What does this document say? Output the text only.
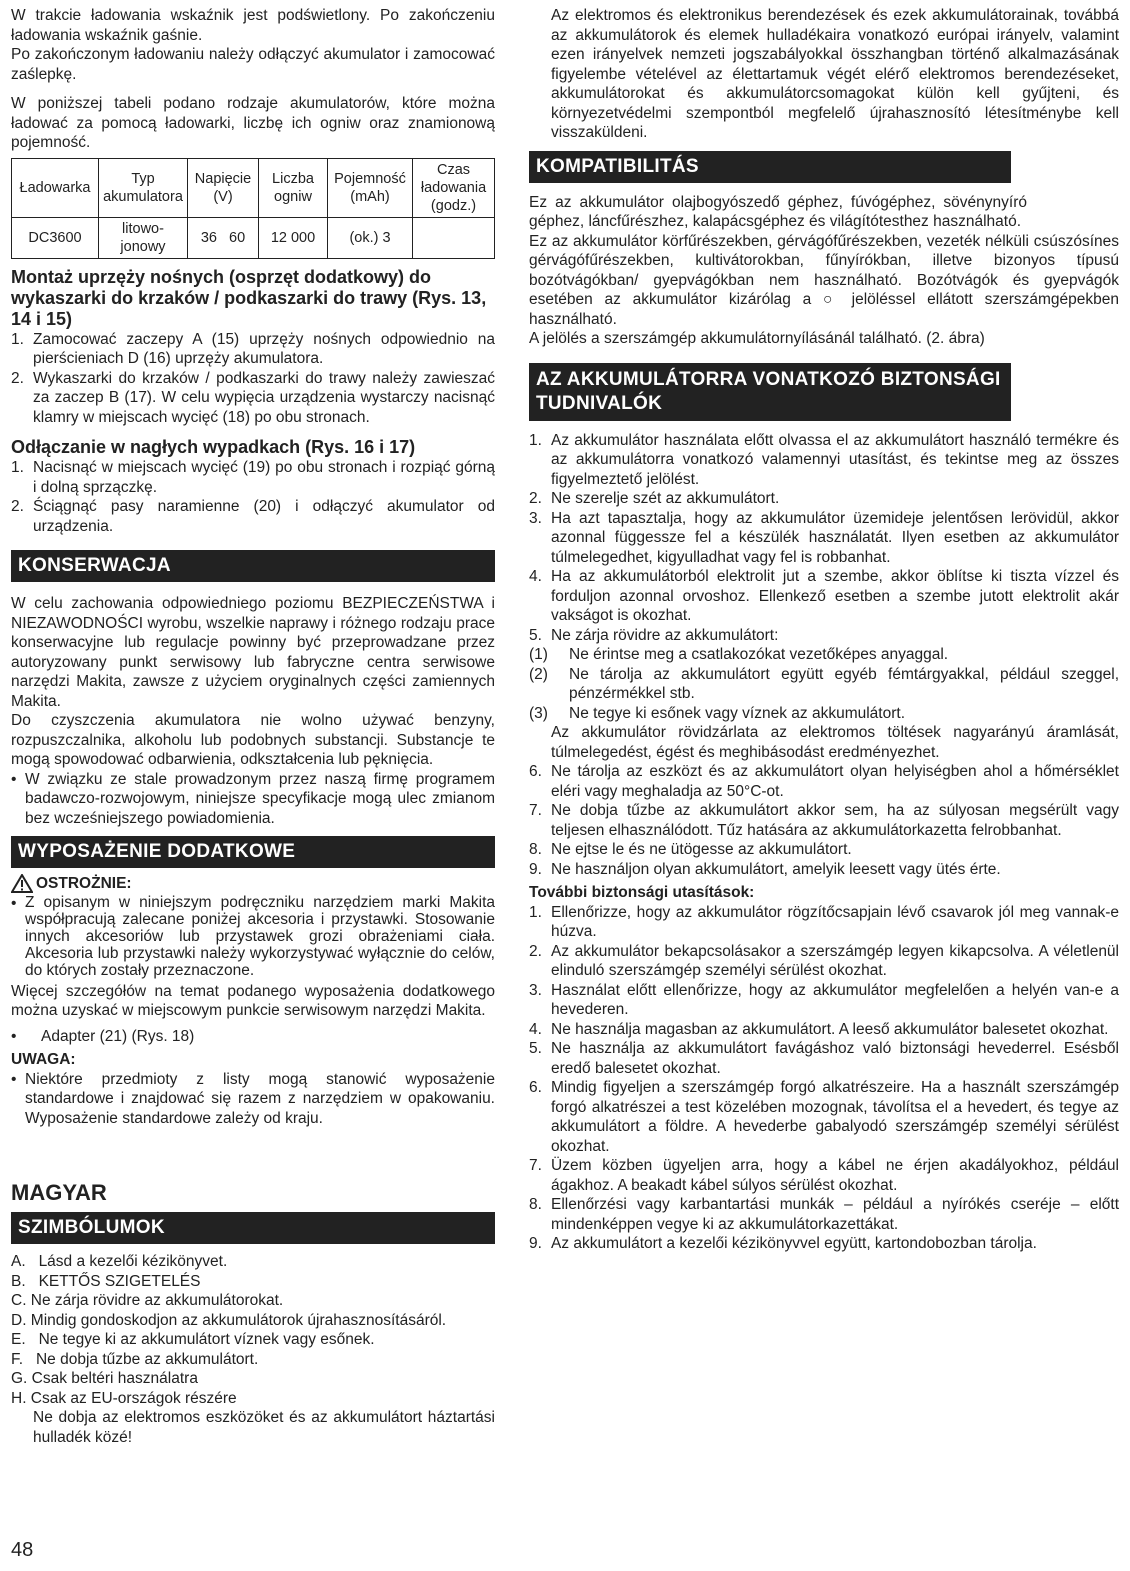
W trakcie ładowania wskaźnik jest podświetlony. Po zakończeniu ładowania wskaźnik gaśnie.

Po zakończonym ładowaniu należy odłączyć akumulator i zamocować zaślepkę.

W poniższej tabeli podano rodzaje akumulatorów, które można ładować za pomocą ładowarki, liczbę ich ogniw oraz znamionową pojemność.

Ładowarka	Typ akumulatora	Napięcie (V)	Liczba ogniw	Pojemność (mAh)	Czas ładowania (godz.)
DC3600	litowo-jonowy	36 60	12 000	(ok.) 3	
Montaż uprzęży nośnych (osprzęt dodatkowy) do wykaszarki do krzaków / podkaszarki do trawy (Rys. 13, 14 i 15)
1. Zamocować zaczepy A (15) uprzęży nośnych odpowiednio na pierścieniach D (16) uprzęży akumulatora.
2. Wykaszarki do krzaków / podkaszarki do trawy należy zawieszać za zaczep B (17). W celu wypięcia urządzenia wystarczy nacisnąć klamry w miejscach wycięć (18) po obu stronach.
Odłączanie w nagłych wypadkach (Rys. 16 i 17)
1. Nacisnąć w miejscach wycięć (19) po obu stronach i rozpiąć górną i dolną sprzączkę.
2. Ściągnąć pasy naramienne (20) i odłączyć akumulator od urządzenia.
KONSERWACJA

W celu zachowania odpowiedniego poziomu BEZPIECZEŃSTWA i NIEZAWODNOŚCI wyrobu, wszelkie naprawy i różnego rodzaju prace konserwacyjne lub regulacje powinny być przeprowadzane przez autoryzowany punkt serwisowy lub fabryczne centra serwisowe narzędzi Makita, zawsze z użyciem oryginalnych części zamiennych Makita.

Do czyszczenia akumulatora nie wolno używać benzyny, rozpuszczalnika, alkoholu lub podobnych substancji. Substancje te mogą spowodować odbarwienia, odkształcenia lub pęknięcia.

• W związku ze stale prowadzonym przez naszą firmę programem badawczo-rozwojowym, niniejsze specyfikacje mogą ulec zmianom bez wcześniejszego powiadomienia.
WYPOSAŻENIE DODATKOWE
OSTROŻNIE:
• Z opisanym w niniejszym podręczniku narzędziem marki Makita współpracują zalecane poniżej akcesoria i przystawki. Stosowanie innych akcesoriów lub przystawek grozi obrażeniami ciała. Akcesoria lub przystawki należy wykorzystywać wyłącznie do celów, do których zostały przeznaczone.

Więcej szczegółów na temat podanego wyposażenia dodatkowego można uzyskać w miejscowym punkcie serwisowym narzędzi Makita.

•	Adapter (21) (Rys. 18)
UWAGA:
• Niektóre przedmioty z listy mogą stanowić wyposażenie standardowe i znajdować się razem z narzędziem w opakowaniu. Wyposażenie standardowe zależy od kraju.
MAGYAR
SZIMBÓLUMOK
A.   Lásd a kezelői kézikönyvet.
B.   KETTŐS SZIGETELÉS
C. Ne zárja rövidre az akkumulátorokat.
D. Mindig gondoskodjon az akkumulátorok újrahasznosításáról.
E.   Ne tegye ki az akkumulátort víznek vagy esőnek.
F.   Ne dobja tűzbe az akkumulátort.
G. Csak beltéri használatra
H. Csak az EU-országok részére

Ne dobja az elektromos eszközöket és az akkumulátort háztartási hulladék közé!

Az elektromos és elektronikus berendezések és ezek akkumulátorainak, továbbá az akkumulátorok és elemek hulladékaira vonatkozó európai irányelv, valamint ezen irányelvek nemzeti jogszabályokkal összhangban történő alkalmazásának figyelembe vételével az élettartamuk végét elérő elektromos berendezéseket, akkumulátorokat és akkumulátorcsomagokat külön kell gyűjteni, és környezetvédelmi szempontból megfelelő újrahasznosító létesítménybe kell visszaküldeni.

KOMPATIBILITÁS

Ez az akkumulátor olajbogyószedő géphez, fúvógéphez, sövénynyíró géphez, láncfűrészhez, kalapácsgéphez és világítótesthez használható.

Ez az akkumulátor körfűrészekben, gérvágófűrészekben, vezeték nélküli csúszósínes gérvágófűrészekben, kultivátorokban, fűnyírókban, illetve bizonyos típusú bozótvágókban/ gyepvágókban nem használható. Bozótvágók és gyepvágók esetében az akkumulátor kizárólag a ○ jelöléssel ellátott szerszámgépekben használható.

A jelölés a szerszámgép akkumulátornyílásánál található. (2. ábra)

AZ AKKUMULÁTORRA VONATKOZÓ BIZTONSÁGI TUDNIVALÓK
1. Az akkumulátor használata előtt olvassa el az akkumulátort használó termékre és az akkumulátorra vonatkozó valamennyi utasítást, és tekintse meg az összes figyelmeztető jelölést.
2. Ne szerelje szét az akkumulátort.
3. Ha azt tapasztalja, hogy az akkumulátor üzemideje jelentősen lerövidül, akkor azonnal függessze fel a készülék használatát. Ilyen esetben az akkumulátor túlmelegedhet, kigyulladhat vagy fel is robbanhat.
4. Ha az akkumulátorból elektrolit jut a szembe, akkor öblítse ki tiszta vízzel és forduljon azonnal orvoshoz. Ellenkező esetben a szembe jutott elektrolit akár vakságot is okozhat.
5. Ne zárja rövidre az akkumulátort:
(1)	Ne érintse meg a csatlakozókat vezetőképes anyaggal.
(2)	Ne tárolja az akkumulátort együtt egyéb fémtárgyakkal, például szeggel, pénzérmékkel stb.
(3)	Ne tegye ki esőnek vagy víznek az akkumulátort.

Az akkumulátor rövidzárlata az elektromos töltések nagyarányú áramlását, túlmelegedést, égést és meghibásodást eredményezhet.

6. Ne tárolja az eszközt és az akkumulátort olyan helyiségben ahol a hőmérséklet eléri vagy meghaladja az 50°C-ot.
7. Ne dobja tűzbe az akkumulátort akkor sem, ha az súlyosan megsérült vagy teljesen elhasználódott. Tűz hatására az akkumulátorkazetta felrobbanhat.
8. Ne ejtse le és ne ütögesse az akkumulátort.
9. Ne használjon olyan akkumulátort, amelyik leesett vagy ütés érte.
További biztonsági utasítások:
1. Ellenőrizze, hogy az akkumulátor rögzítőcsapjain lévő csavarok jól meg vannak-e húzva.
2. Az akkumulátor bekapcsolásakor a szerszámgép legyen kikapcsolva. A véletlenül elinduló szerszámgép személyi sérülést okozhat.
3. Használat előtt ellenőrizze, hogy az akkumulátor megfelelően a helyén van-e a hevederen.
4. Ne használja magasban az akkumulátort. A leeső akkumulátor balesetet okozhat.
5. Ne használja az akkumulátort favágáshoz való biztonsági hevederrel. Esésből eredő balesetet okozhat.
6. Mindig figyeljen a szerszámgép forgó alkatrészeire. Ha a használt szerszámgép forgó alkatrészei a test közelében mozognak, távolítsa el a hevedert, és tegye az akkumulátort a földre. A hevederbe gabalyodó szerszámgép személyi sérülést okozhat.
7. Üzem közben ügyeljen arra, hogy a kábel ne érjen akadályokhoz, például ágakhoz. A beakadt kábel súlyos sérülést okozhat.
8. Ellenőrzési vagy karbantartási munkák – például a nyírókés cseréje – előtt mindenképpen vegye ki az akkumulátorkazettákat.
9. Az akkumulátort a kezelői kézikönyvvel együtt, kartondobozban tárolja.
48
